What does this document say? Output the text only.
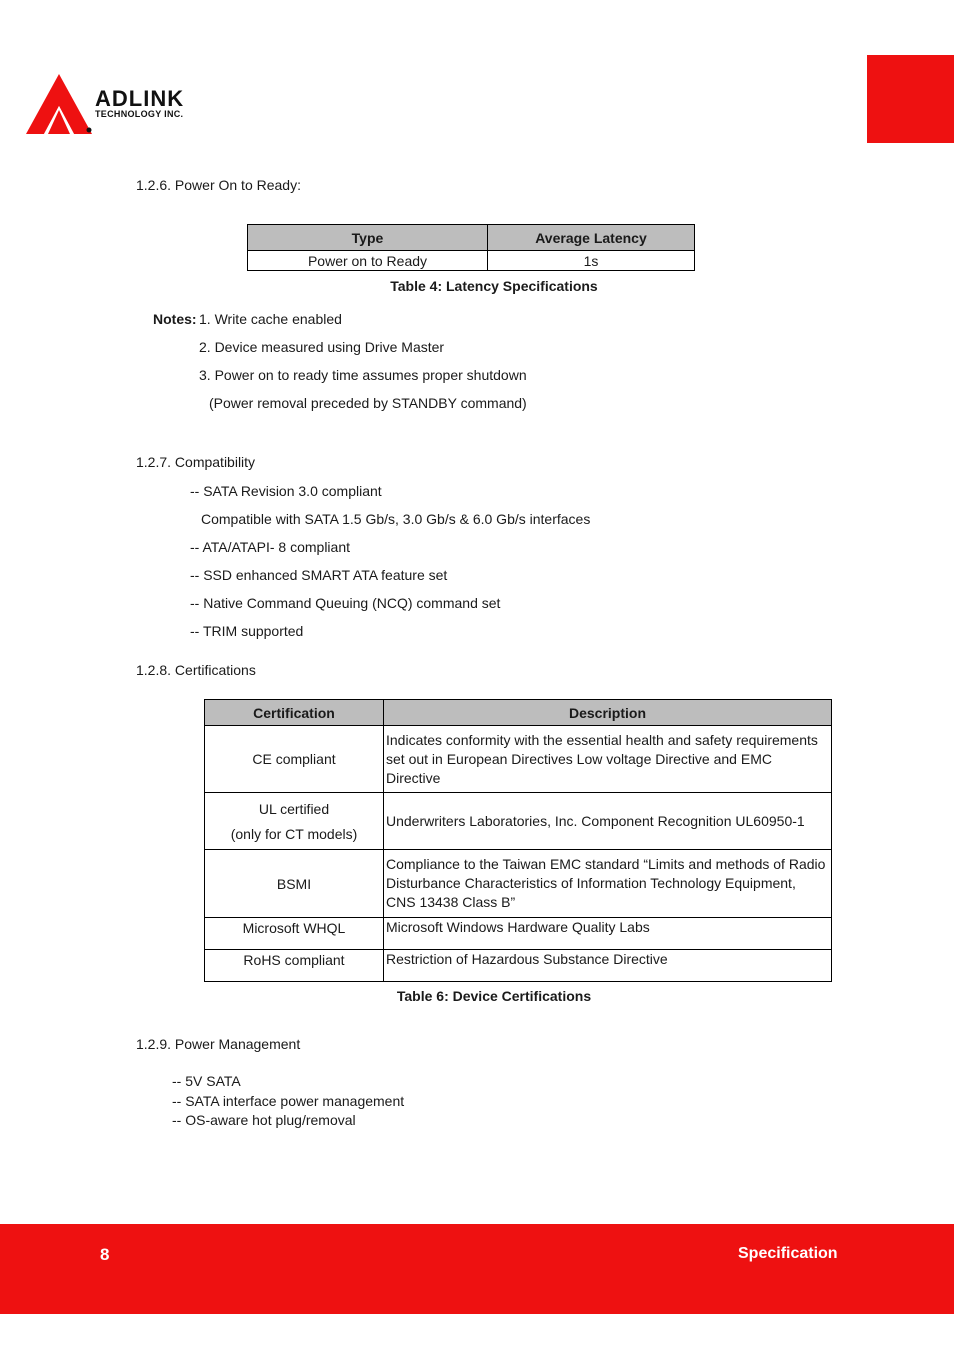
ADLINK
TECHNOLOGY INC.
1.2.6. Power On to Ready:
Type	Average Latency
Power on to Ready	1s
Table 4: Latency Specifications
Notes: 1. Write cache enabled
2. Device measured using Drive Master
3. Power on to ready time assumes proper shutdown
(Power removal preceded by STANDBY command)
1.2.7. Compatibility
-- SATA Revision 3.0 compliant
Compatible with SATA 1.5 Gb/s, 3.0 Gb/s & 6.0 Gb/s interfaces
-- ATA/ATAPI- 8 compliant
-- SSD enhanced SMART ATA feature set
-- Native Command Queuing (NCQ) command set
-- TRIM supported
1.2.8. Certifications
Certification	Description
CE compliant	Indicates conformity with the essential health and safety requirements set out in European Directives Low voltage Directive and EMC Directive

UL certified
(only for CT models)	Underwriters Laboratories, Inc. Component Recognition UL60950-1
BSMI	Compliance to the Taiwan EMC standard “Limits and methods of Radio Disturbance Characteristics of Information Technology Equipment, CNS 13438 Class B”
Microsoft WHQL	Microsoft Windows Hardware Quality Labs
RoHS compliant	Restriction of Hazardous Substance Directive
Table 6: Device Certifications
1.2.9. Power Management
-- 5V SATA
-- SATA interface power management
-- OS-aware hot plug/removal
8	Specification
